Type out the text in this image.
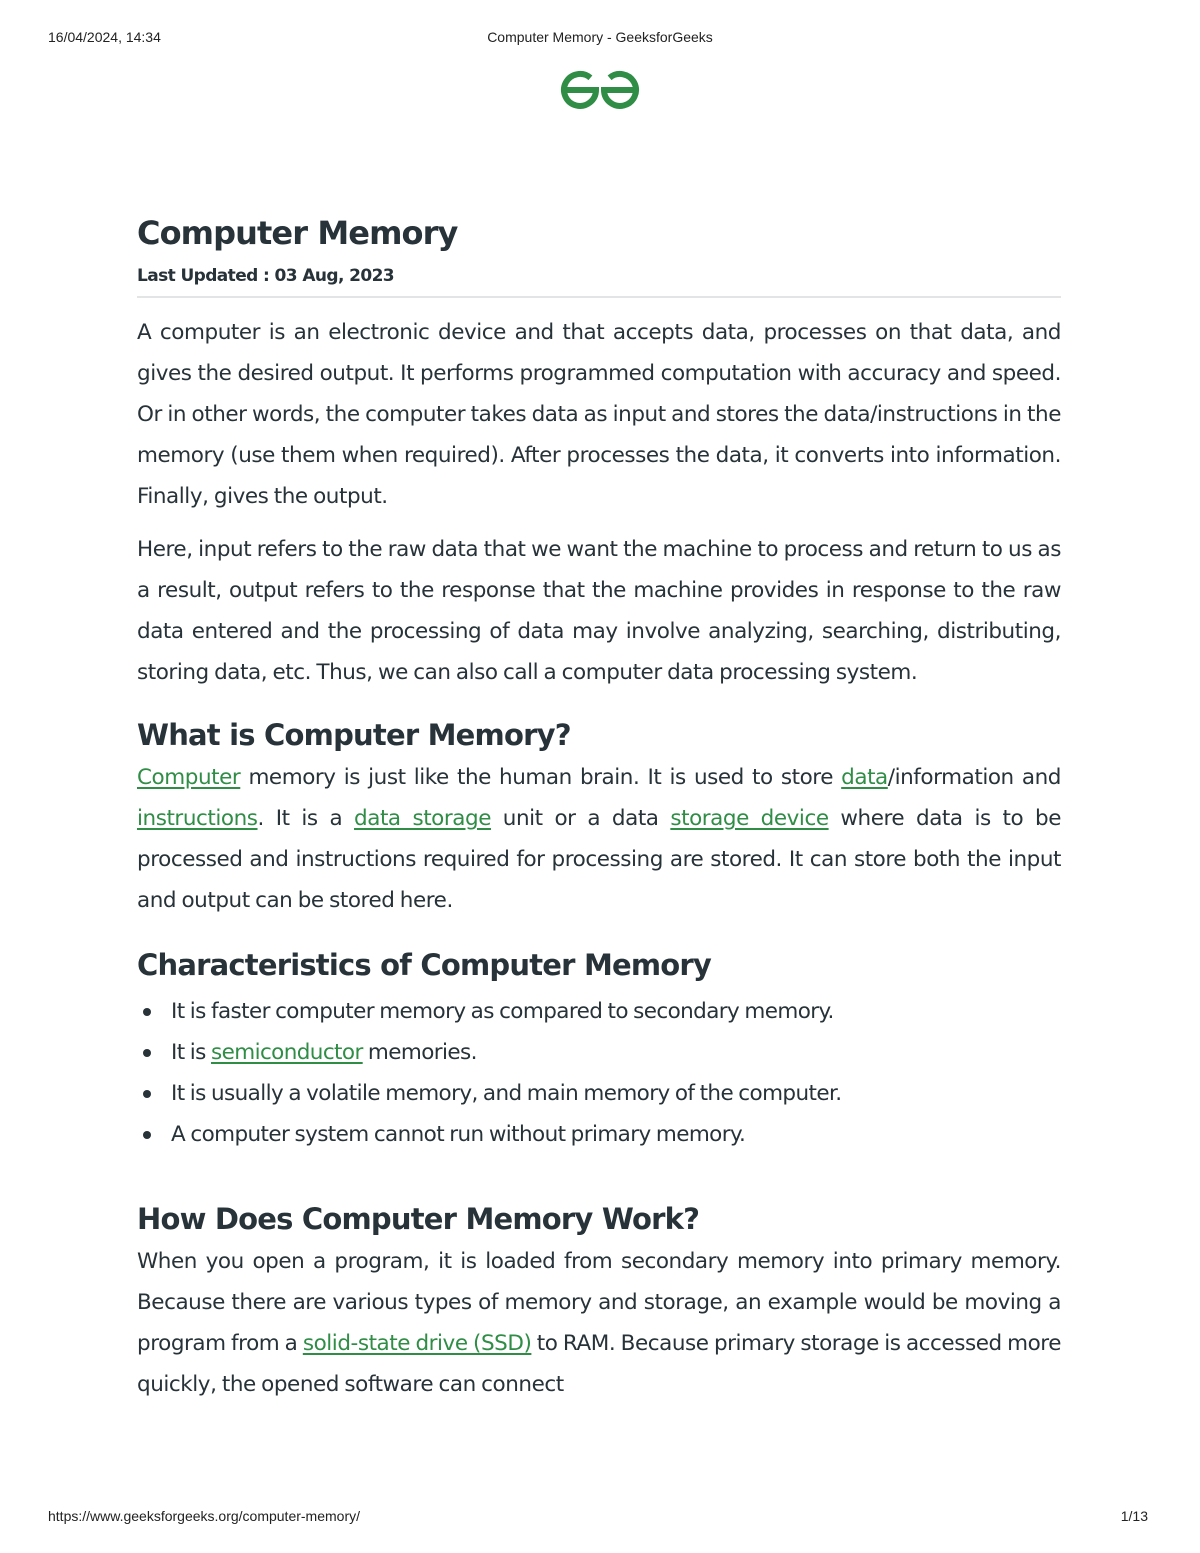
16/04/2024, 14:34	Computer Memory - GeeksforGeeks
Computer Memory
Last Updated : 03 Aug, 2023

A computer is an electronic device and that accepts data, processes on that data, and gives the desired output. It performs programmed computation with accuracy and speed. Or in other words, the computer takes data as input and stores the data/instructions in the memory (use them when required). After processes the data, it converts into information. Finally, gives the output.

Here, input refers to the raw data that we want the machine to process and return to us as a result, output refers to the response that the machine provides in response to the raw data entered and the processing of data may involve analyzing, searching, distributing, storing data, etc. Thus, we can also call a computer data processing system.

What is Computer Memory?

Computer memory is just like the human brain. It is used to store data/information and instructions. It is a data storage unit or a data storage device where data is to be processed and instructions required for processing are stored. It can store both the input and output can be stored here.

Characteristics of Computer Memory
It is faster computer memory as compared to secondary memory.
It is semiconductor memories.
It is usually a volatile memory, and main memory of the computer.
A computer system cannot run without primary memory.
How Does Computer Memory Work?

When you open a program, it is loaded from secondary memory into primary memory. Because there are various types of memory and storage, an example would be moving a program from a solid-state drive (SSD) to RAM. Because primary storage is accessed more quickly, the opened software can connect

https://www.geeksforgeeks.org/computer-memory/	1/13
